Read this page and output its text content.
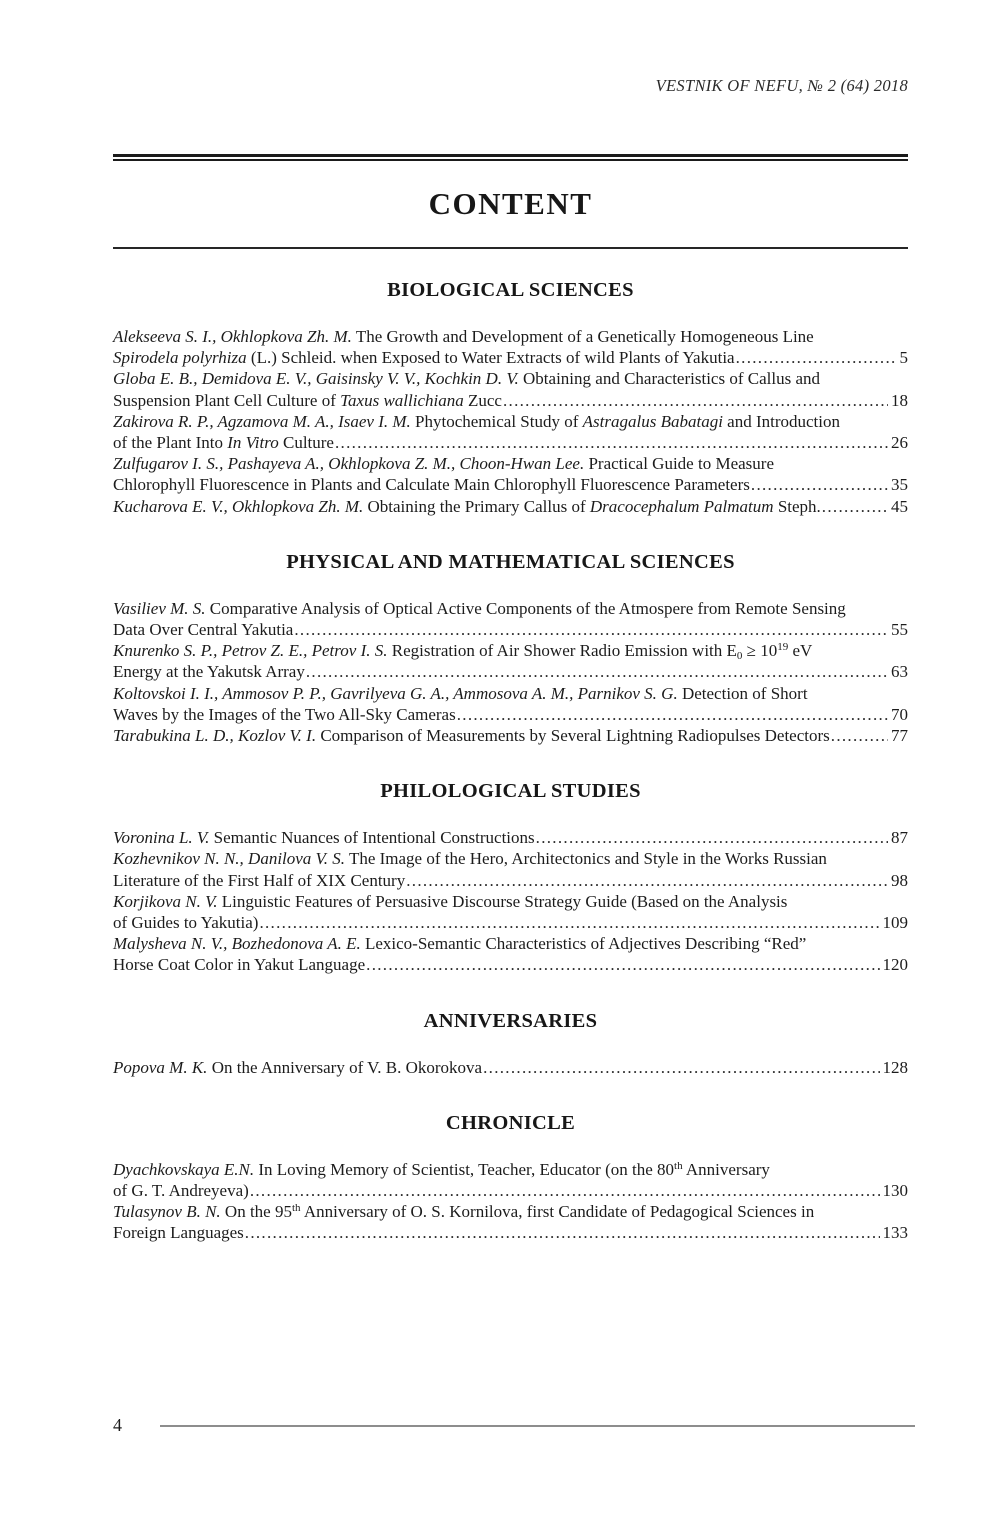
VESTNIK OF NEFU, № 2 (64) 2018
CONTENT
BIOLOGICAL SCIENCES
Alekseeva S. I., Okhlopkova Zh. M. The Growth and Development of a Genetically Homogeneous Line
Spirodela polyrhiza (L.) Schleid. when Exposed to Water Extracts of wild Plants of Yakutia .....	5
Globa E. B., Demidova E. V., Gaisinsky V. V., Kochkin D. V. Obtaining and Characteristics of Callus and
Suspension Plant Cell Culture of Taxus wallichiana Zucc .....	18
Zakirova R. P., Agzamova M. A., Isaev I. M. Phytochemical Study of Astragalus Babatagi and Introduction
of the Plant Into In Vitro Culture .....	26
Zulfugarov I. S., Pashayeva A., Okhlopkova Z. M., Choon-Hwan Lee. Practical Guide to Measure
Chlorophyll Fluorescence in Plants and Calculate Main Chlorophyll Fluorescence Parameters .....	35
Kucharova E. V., Okhlopkova Zh. M. Obtaining the Primary Callus of Dracocephalum Palmatum Steph. .....	45
PHYSICAL AND MATHEMATICAL SCIENCES
Vasiliev M. S. Comparative Analysis of Optical Active Components of the Atmospere from Remote Sensing
Data Over Central Yakutia .....	55
Knurenko S. P., Petrov Z. E., Petrov I. S. Registration of Air Shower Radio Emission with $E_0 \ge 10^{19}$ eV
Energy at the Yakutsk Array .....	63
Koltovskoi I. I., Ammosov P. P., Gavrilyeva G. A., Ammosova A. M., Parnikov S. G. Detection of Short
Waves by the Images of the Two All-Sky Cameras .....	70
Tarabukina L. D., Kozlov V. I. Comparison of Measurements by Several Lightning Radiopulses Detectors .....	77
PHILOLOGICAL STUDIES
Voronina L. V. Semantic Nuances of Intentional Constructions .....	87
Kozhevnikov N. N., Danilova V. S. The Image of the Hero, Architectonics and Style in the Works Russian
Literature of the First Half of XIX Century .....	98
Korjikova N. V. Linguistic Features of Persuasive Discourse Strategy Guide (Based on the Analysis
of Guides to Yakutia) .....	109
Malysheva N. V., Bozhedonova A. E. Lexico-Semantic Characteristics of Adjectives Describing “Red”
Horse Coat Color in Yakut Language .....	120
ANNIVERSARIES
Popova M. K. On the Anniversary of V. B. Okorokova .....	128
CHRONICLE
Dyachkovskaya E.N. In Loving Memory of Scientist, Teacher, Educator (on the 80th Anniversary
of G. T. Andreyeva) .....	130
Tulasynov B. N. On the 95th Anniversary of O. S. Kornilova, first Candidate of Pedagogical Sciences in
Foreign Languages .....	133
4
